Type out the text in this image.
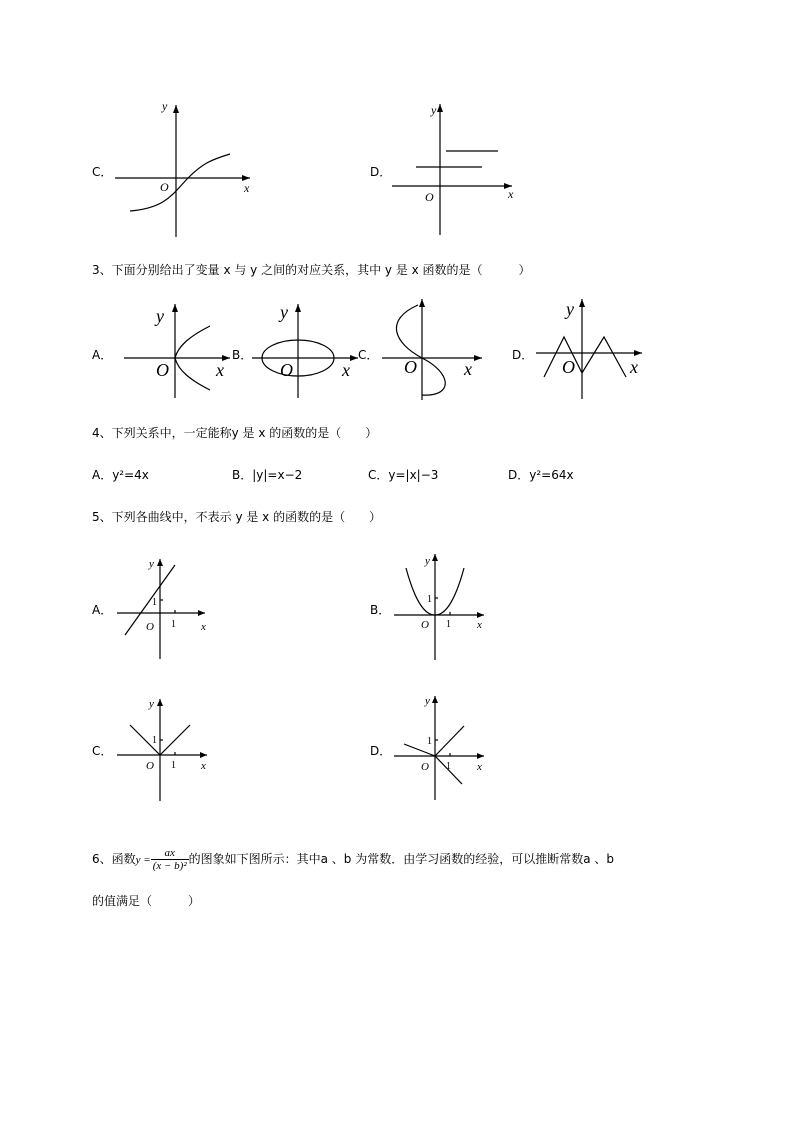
C．
x
y
O
D．
x
y
O
3、下面分别给出了变量 x 与 y 之间的对应关系，其中 y 是 x 函数的是（　　　）
A．
y
x
O
B．
y
x
O
C．
O	x
D．
y
x
O
4、下列关系中，一定能称y 是 x 的函数的是（　　）
A．y²=4x	B．|y|=x−2	C．y=|x|−3	D．y²=64x
5、下列各曲线中，不表示 y 是 x 的函数的是（　　）
A．
y
x
O 1
1
B．
y
x
O 1
1
C．
y
x
O 1
1
D．
y
x
O 1
1
6、函数$y = \frac{ax}{\text{(x − b)²}}$ 的图象如下图所示：其中a 、b 为常数．由学习函数的经验，可以推断常数a 、b
的值满足（　　　）
